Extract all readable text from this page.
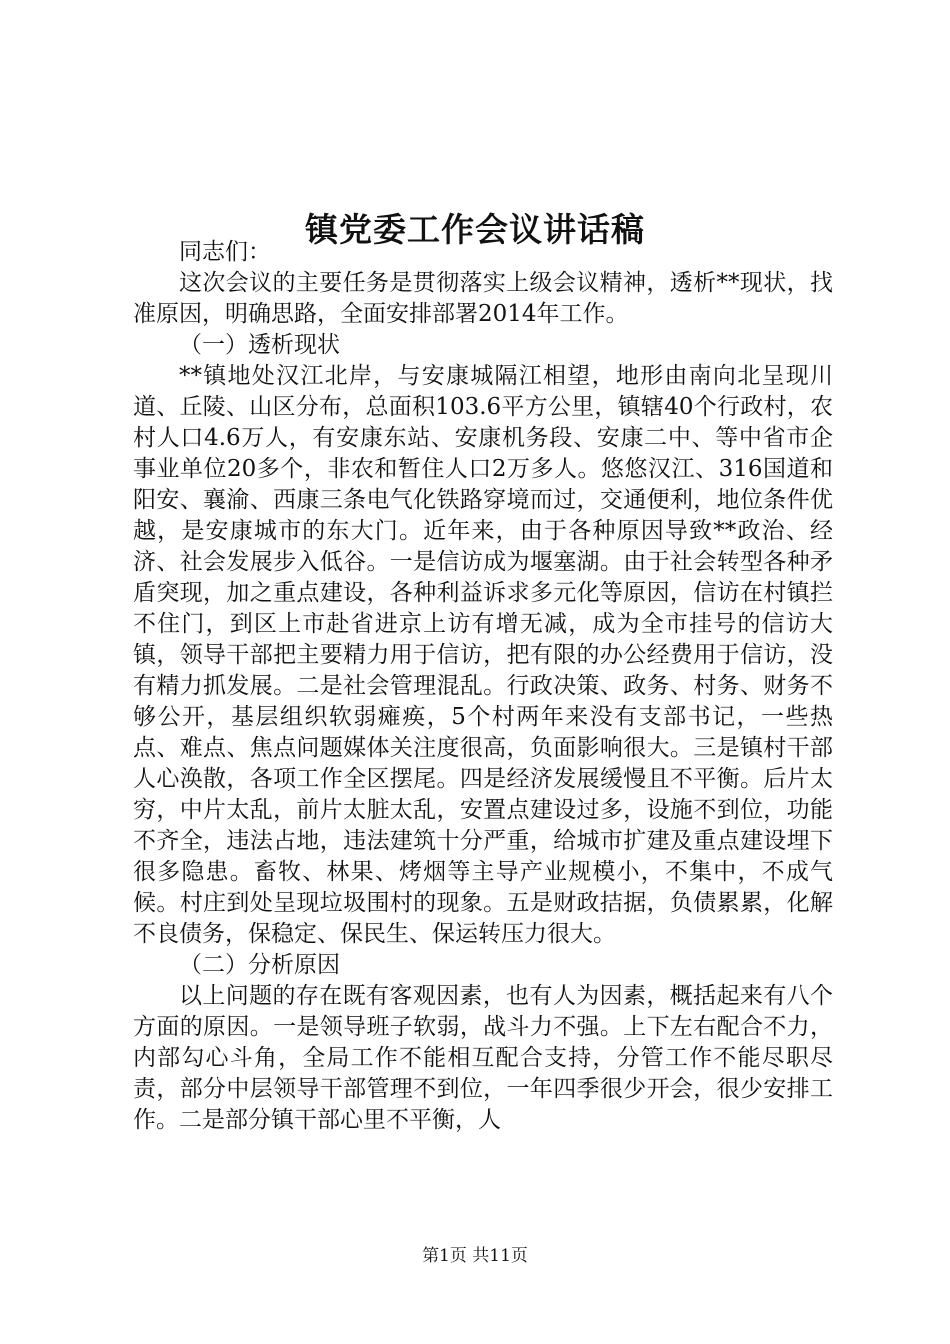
镇党委工作会议讲话稿

同志们：

这次会议的主要任务是贯彻落实上级会议精神，透析**现状，找准原因，明确思路，全面安排部署2014年工作。

（一）透析现状

**镇地处汉江北岸，与安康城隔江相望，地形由南向北呈现川道、丘陵、山区分布，总面积103.6平方公里，镇辖40个行政村，农村人口4.6万人，有安康东站、安康机务段、安康二中、等中省市企事业单位20多个，非农和暂住人口2万多人。悠悠汉江、316国道和阳安、襄渝、西康三条电气化铁路穿境而过，交通便利，地位条件优越，是安康城市的东大门。近年来，由于各种原因导致**政治、经济、社会发展步入低谷。一是信访成为堰塞湖。由于社会转型各种矛盾突现，加之重点建设，各种利益诉求多元化等原因，信访在村镇拦不住门，到区上市赴省进京上访有增无减，成为全市挂号的信访大镇，领导干部把主要精力用于信访，把有限的办公经费用于信访，没有精力抓发展。二是社会管理混乱。行政决策、政务、村务、财务不够公开，基层组织软弱瘫痪，5个村两年来没有支部书记，一些热点、难点、焦点问题媒体关注度很高，负面影响很大。三是镇村干部人心涣散，各项工作全区摆尾。四是经济发展缓慢且不平衡。后片太穷，中片太乱，前片太脏太乱，安置点建设过多，设施不到位，功能不齐全，违法占地，违法建筑十分严重，给城市扩建及重点建设埋下很多隐患。畜牧、林果、烤烟等主导产业规模小，不集中，不成气候。村庄到处呈现垃圾围村的现象。五是财政拮据，负债累累，化解不良债务，保稳定、保民生、保运转压力很大。

（二）分析原因

以上问题的存在既有客观因素，也有人为因素，概括起来有八个方面的原因。一是领导班子软弱，战斗力不强。上下左右配合不力，内部勾心斗角，全局工作不能相互配合支持，分管工作不能尽职尽责，部分中层领导干部管理不到位，一年四季很少开会，很少安排工作。二是部分镇干部心里不平衡，人

第1页 共11页
